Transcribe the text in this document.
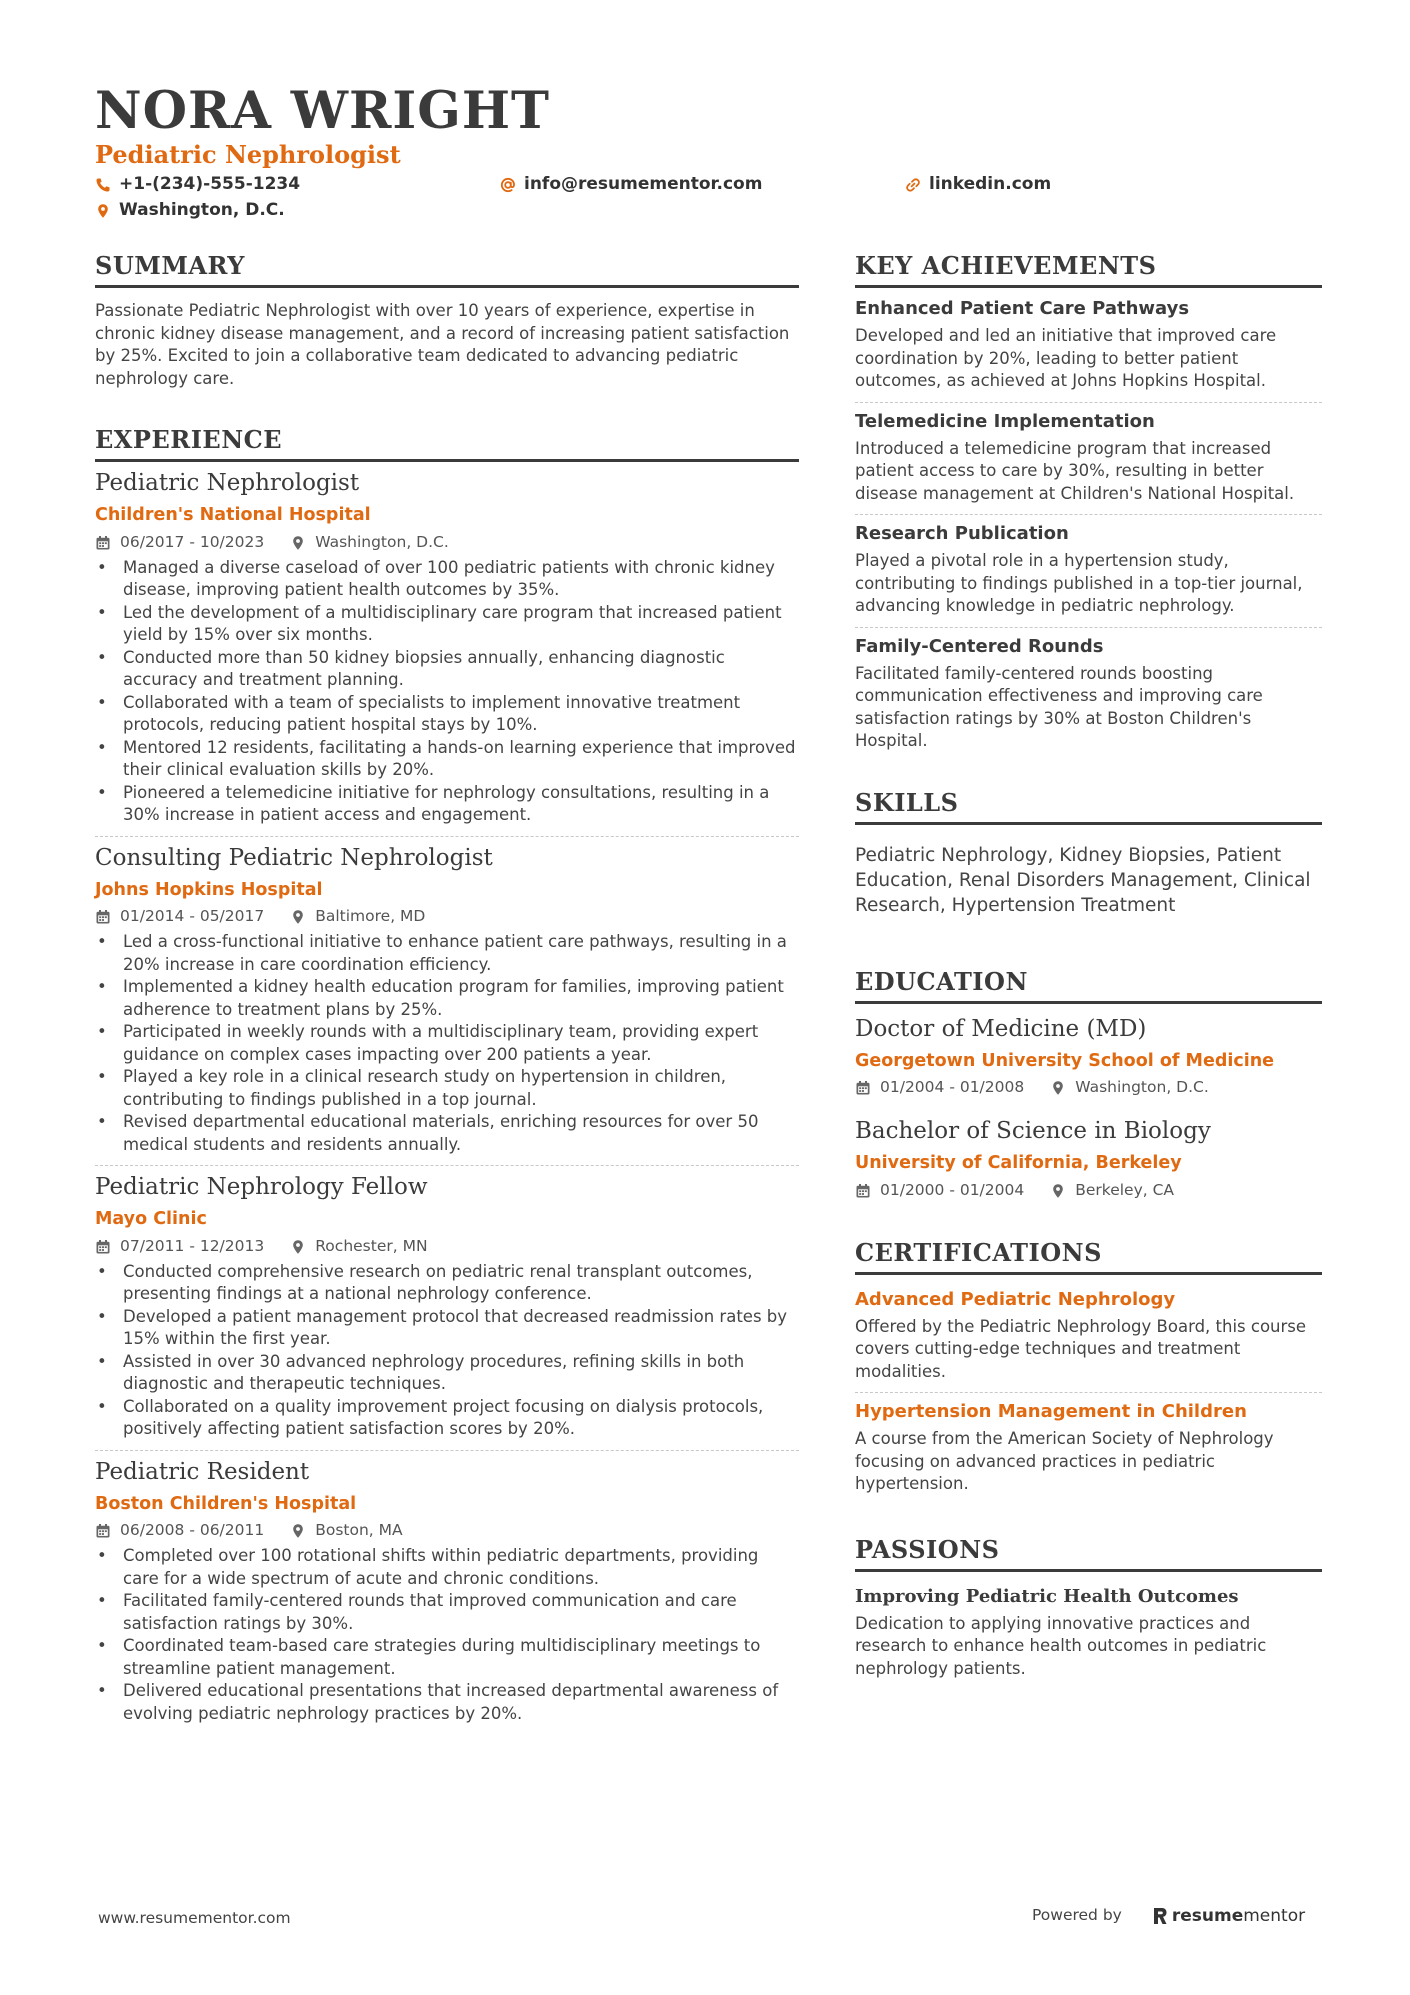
NORA WRIGHT
Pediatric Nephrologist
+1-(234)-555-1234	info@resumementor.com	linkedin.com
Washington, D.C.
SUMMARY
Passionate Pediatric Nephrologist with over 10 years of experience, expertise in chronic kidney disease management, and a record of increasing patient satisfaction by 25%. Excited to join a collaborative team dedicated to advancing pediatric nephrology care.
EXPERIENCE
Pediatric Nephrologist
Children's National Hospital
06/2017 - 10/2023	Washington, D.C.
• Managed a diverse caseload of over 100 pediatric patients with chronic kidney disease, improving patient health outcomes by 35%.
• Led the development of a multidisciplinary care program that increased patient yield by 15% over six months.
• Conducted more than 50 kidney biopsies annually, enhancing diagnostic accuracy and treatment planning.
• Collaborated with a team of specialists to implement innovative treatment protocols, reducing patient hospital stays by 10%.
• Mentored 12 residents, facilitating a hands-on learning experience that improved their clinical evaluation skills by 20%.
• Pioneered a telemedicine initiative for nephrology consultations, resulting in a 30% increase in patient access and engagement.
Consulting Pediatric Nephrologist
Johns Hopkins Hospital
01/2014 - 05/2017	Baltimore, MD
• Led a cross-functional initiative to enhance patient care pathways, resulting in a 20% increase in care coordination efficiency.
• Implemented a kidney health education program for families, improving patient adherence to treatment plans by 25%.
• Participated in weekly rounds with a multidisciplinary team, providing expert guidance on complex cases impacting over 200 patients a year.
• Played a key role in a clinical research study on hypertension in children, contributing to findings published in a top journal.
• Revised departmental educational materials, enriching resources for over 50 medical students and residents annually.
Pediatric Nephrology Fellow
Mayo Clinic
07/2011 - 12/2013	Rochester, MN
• Conducted comprehensive research on pediatric renal transplant outcomes, presenting findings at a national nephrology conference.
• Developed a patient management protocol that decreased readmission rates by 15% within the first year.
• Assisted in over 30 advanced nephrology procedures, refining skills in both diagnostic and therapeutic techniques.
• Collaborated on a quality improvement project focusing on dialysis protocols, positively affecting patient satisfaction scores by 20%.
Pediatric Resident
Boston Children's Hospital
06/2008 - 06/2011	Boston, MA
• Completed over 100 rotational shifts within pediatric departments, providing care for a wide spectrum of acute and chronic conditions.
• Facilitated family-centered rounds that improved communication and care satisfaction ratings by 30%.
• Coordinated team-based care strategies during multidisciplinary meetings to streamline patient management.
• Delivered educational presentations that increased departmental awareness of evolving pediatric nephrology practices by 20%.
KEY ACHIEVEMENTS
Enhanced Patient Care Pathways
Developed and led an initiative that improved care coordination by 20%, leading to better patient outcomes, as achieved at Johns Hopkins Hospital.
Telemedicine Implementation
Introduced a telemedicine program that increased patient access to care by 30%, resulting in better disease management at Children's National Hospital.
Research Publication
Played a pivotal role in a hypertension study, contributing to findings published in a top-tier journal, advancing knowledge in pediatric nephrology.
Family-Centered Rounds
Facilitated family-centered rounds boosting communication effectiveness and improving care satisfaction ratings by 30% at Boston Children's Hospital.
SKILLS
Pediatric Nephrology, Kidney Biopsies, Patient Education, Renal Disorders Management, Clinical Research, Hypertension Treatment
EDUCATION
Doctor of Medicine (MD)
Georgetown University School of Medicine
01/2004 - 01/2008	Washington, D.C.
Bachelor of Science in Biology
University of California, Berkeley
01/2000 - 01/2004	Berkeley, CA
CERTIFICATIONS
Advanced Pediatric Nephrology
Offered by the Pediatric Nephrology Board, this course covers cutting-edge techniques and treatment modalities.
Hypertension Management in Children
A course from the American Society of Nephrology focusing on advanced practices in pediatric hypertension.
PASSIONS
Improving Pediatric Health Outcomes
Dedication to applying innovative practices and research to enhance health outcomes in pediatric nephrology patients.
www.resumementor.com	Powered by	resume mentor
